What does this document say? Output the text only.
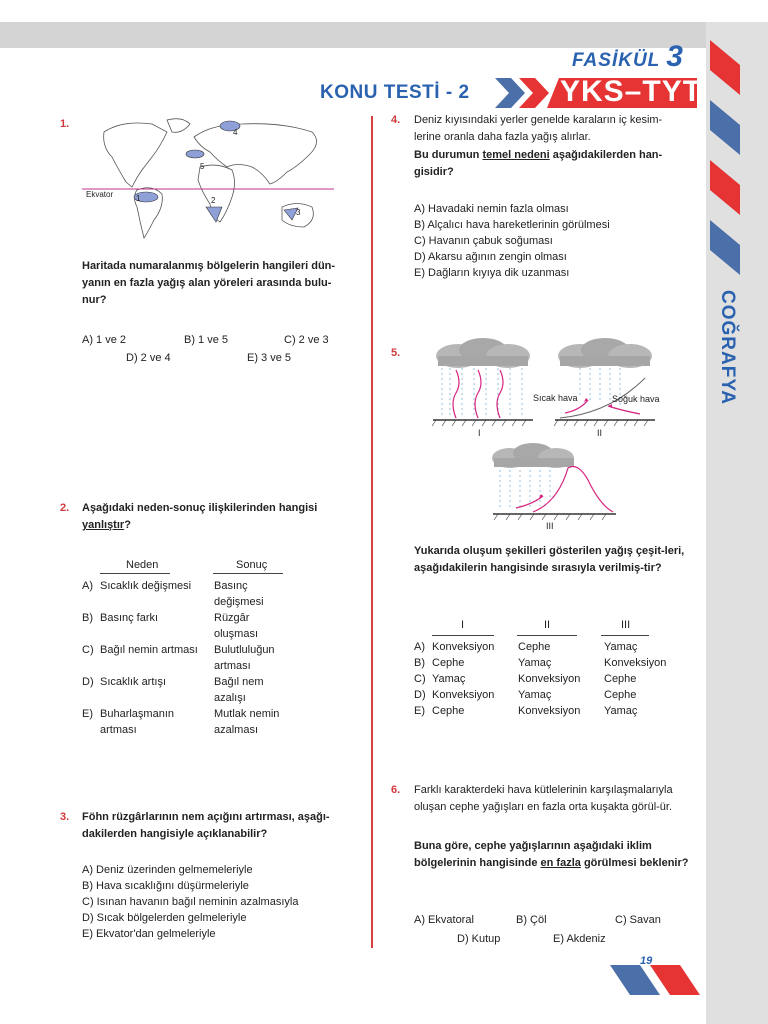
FASİKÜL 3
KONU TESTİ - 2	YKS–TYT
COĞRAFYA
1.
Ekvator	1	2
3
4
5
Haritada numaralanmış bölgelerin hangileri dün-yanın en fazla yağış alan yöreleri arasında bulu-nur?
A) 1 ve 2	B) 1 ve 5	C) 2 ve 3
D) 2 ve 4	E) 3 ve 5
2. Aşağıdaki neden-sonuç ilişkilerinden hangisi yanlıştır?
Neden	Sonuç
A)	Sıcaklık değişmesi	Basınç değişmesi
B)	Basınç farkı	Rüzgâr oluşması
C)	Bağıl nemin artması	Bulutluluğun artması
D)	Sıcaklık artışı	Bağıl nem azalışı
E)	Buharlaşmanın artması	Mutlak nemin azalması
3. Föhn rüzgârlarının nem açığını artırması, aşağı-dakilerden hangisiyle açıklanabilir?
A) Deniz üzerinden gelmemeleriyle
B) Hava sıcaklığını düşürmeleriyle
C) Isınan havanın bağıl neminin azalmasıyla
D) Sıcak bölgelerden gelmeleriyle
E) Ekvator'dan gelmeleriyle
4. Deniz kıyısındaki yerler genelde karaların iç kesim-lerine oranla daha fazla yağış alırlar.
Bu durumun temel nedeni aşağıdakilerden han-gisidir?
A) Havadaki nemin fazla olması
B) Alçalıcı hava hareketlerinin görülmesi
C) Havanın çabuk soğuması
D) Akarsu ağının zengin olması
E) Dağların kıyıya dik uzanması
5.
I
Sıcak hava	Soğuk hava
II
III
Yukarıda oluşum şekilleri gösterilen yağış çeşit-leri, aşağıdakilerin hangisinde sırasıyla verilmiş-tir?
I	II	III
A)	Konveksiyon	Cephe	Yamaç
B)	Cephe	Yamaç	Konveksiyon
C)	Yamaç	Konveksiyon	Cephe
D)	Konveksiyon	Yamaç	Cephe
E)	Cephe	Konveksiyon	Yamaç
6. Farklı karakterdeki hava kütlelerinin karşılaşmalarıyla oluşan cephe yağışları en fazla orta kuşakta görül-ür.
Buna göre, cephe yağışlarının aşağıdaki iklim bölgelerinin hangisinde en fazla görülmesi beklenir?
A) Ekvatoral	B) Çöl	C) Savan
D) Kutup	E) Akdeniz
19
